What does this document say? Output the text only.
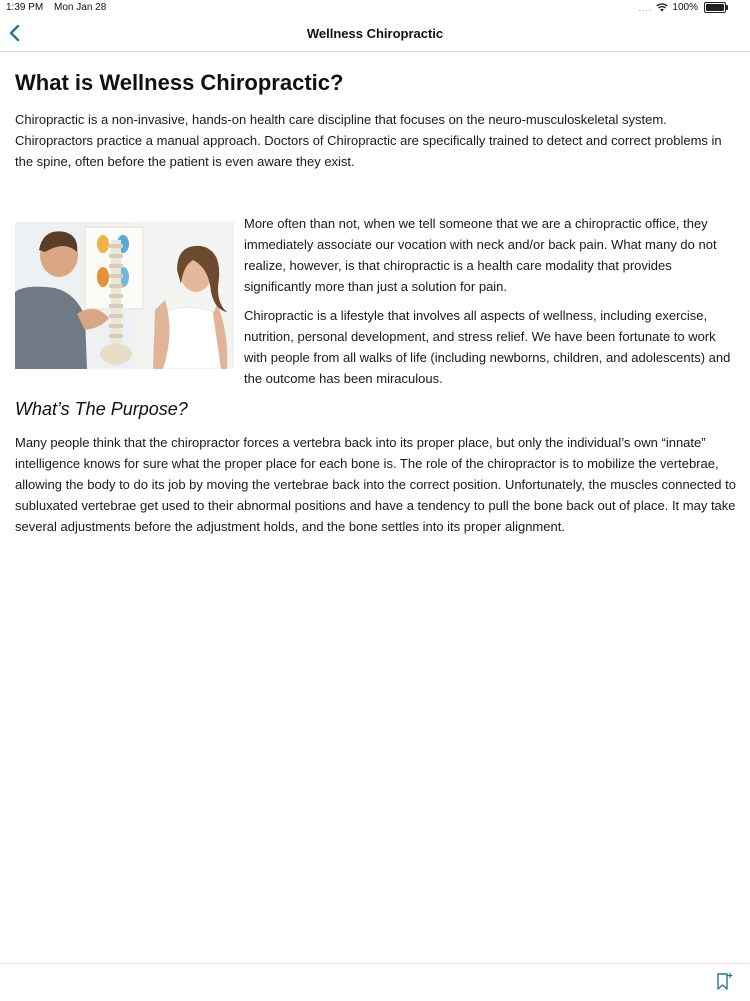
1:39 PM Mon Jan 28	.... 100%
Wellness Chiropractic
What is Wellness Chiropractic?

Chiropractic is a non-invasive, hands-on health care discipline that focuses on the neuro-musculoskeletal system. Chiropractors practice a manual approach. Doctors of Chiropractic are specifically trained to detect and correct problems in the spine, often before the patient is even aware they exist.

More often than not, when we tell someone that we are a chiropractic office, they immediately associate our vocation with neck and/or back pain. What many do not realize, however, is that chiropractic is a health care modality that provides significantly more than just a solution for pain.

Chiropractic is a lifestyle that involves all aspects of wellness, including exercise, nutrition, personal development, and stress relief. We have been fortunate to work with people from all walks of life (including newborns, children, and adolescents) and the outcome has been miraculous.

What’s The Purpose?

Many people think that the chiropractor forces a vertebra back into its proper place, but only the individual’s own “innate” intelligence knows for sure what the proper place for each bone is. The role of the chiropractor is to mobilize the vertebrae, allowing the body to do its job by moving the vertebrae back into the correct position. Unfortunately, the muscles connected to subluxated vertebrae get used to their abnormal positions and have a tendency to pull the bone back out of place. It may take several adjustments before the adjustment holds, and the bone settles into its proper alignment.
